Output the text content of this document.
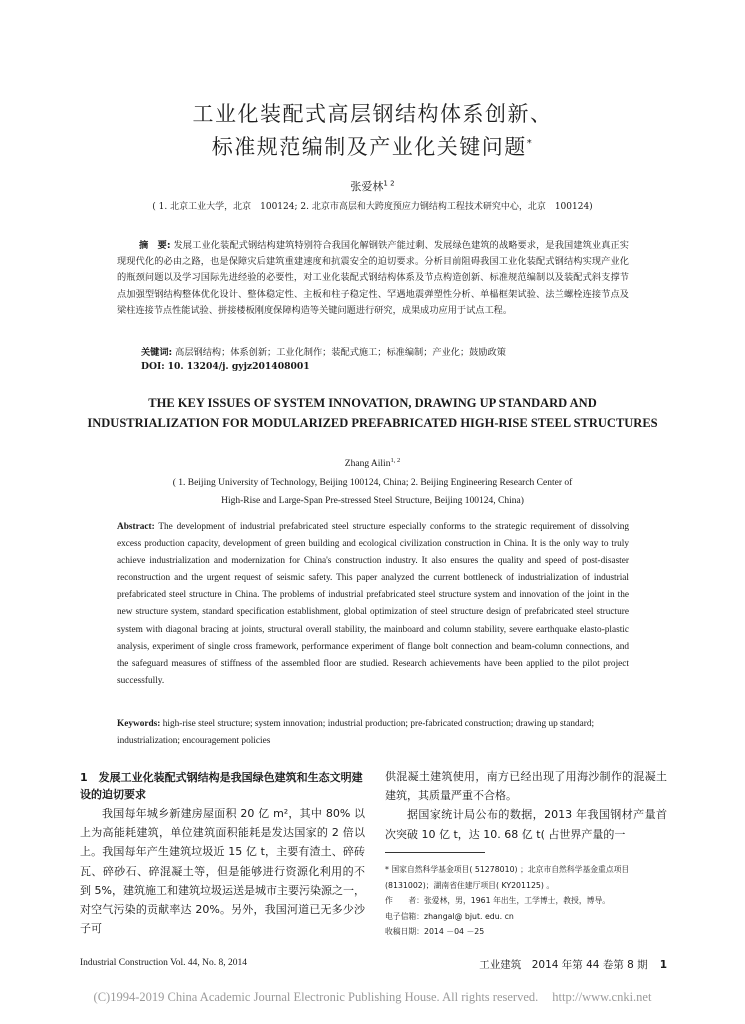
工业化装配式高层钢结构体系创新、
标准规范编制及产业化关键问题*
张爱林$^{1 2}$
( 1. 北京工业大学，北京　100124; 2. 北京市高层和大跨度预应力钢结构工程技术研究中心，北京　100124)
摘　要: 发展工业化装配式钢结构建筑特别符合我国化解钢铁产能过剩、发展绿色建筑的战略要求，是我国建筑业真正实现现代化的必由之路，也是保障灾后建筑重建速度和抗震安全的迫切要求。分析目前阻碍我国工业化装配式钢结构实现产业化的瓶颈问题以及学习国际先进经验的必要性，对工业化装配式钢结构体系及节点构造创新、标准规范编制以及装配式斜支撑节点加强型钢结构整体优化设计、整体稳定性、主板和柱子稳定性、罕遇地震弹塑性分析、单榀框架试验、法兰螺栓连接节点及梁柱连接节点性能试验、拼接楼板刚度保障构造等关键问题进行研究，成果成功应用于试点工程。
关键词: 高层钢结构；体系创新；工业化制作；装配式施工；标准编制；产业化；鼓励政策
DOI: 10. 13204/j. gyjz201408001
THE KEY ISSUES OF SYSTEM INNOVATION, DRAWING UP STANDARD AND
INDUSTRIALIZATION FOR MODULARIZED PREFABRICATED HIGH-RISE STEEL STRUCTURES
Zhang Ailin$^{1, 2}$
( 1. Beijing University of Technology, Beijing 100124, China; 2. Beijing Engineering Research Center of
High-Rise and Large-Span Pre-stressed Steel Structure, Beijing 100124, China)
Abstract: The development of industrial prefabricated steel structure especially conforms to the strategic requirement of dissolving excess production capacity, development of green building and ecological civilization construction in China. It is the only way to truly achieve industrialization and modernization for China's construction industry. It also ensures the quality and speed of post-disaster reconstruction and the urgent request of seismic safety. This paper analyzed the current bottleneck of industrialization of industrial prefabricated steel structure in China. The problems of industrial prefabricated steel structure system and innovation of the joint in the new structure system, standard specification establishment, global optimization of steel structure design of prefabricated steel structure system with diagonal bracing at joints, structural overall stability, the mainboard and column stability, severe earthquake elasto-plastic analysis, experiment of single cross framework, performance experiment of flange bolt connection and beam-column connections, and the safeguard measures of stiffness of the assembled floor are studied. Research achievements have been applied to the pilot project successfully.
Keywords: high-rise steel structure; system innovation; industrial production; pre-fabricated construction; drawing up standard; industrialization; encouragement policies
1　发展工业化装配式钢结构是我国绿色建筑和生态文明建设的迫切要求

我国每年城乡新建房屋面积 20 亿 m²，其中 80% 以上为高能耗建筑，单位建筑面积能耗是发达国家的 2 倍以上。我国每年产生建筑垃圾近 15 亿 t，主要有渣土、碎砖瓦、碎砂石、碎混凝土等，但是能够进行资源化利用的不到 5%，建筑施工和建筑垃圾运送是城市主要污染源之一，对空气污染的贡献率达 20%。另外，我国河道已无多少沙子可

供混凝土建筑使用，南方已经出现了用海沙制作的混凝土建筑，其质量严重不合格。

据国家统计局公布的数据，2013 年我国钢材产量首次突破 10 亿 t，达 10. 68 亿 t( 占世界产量的一

* 国家自然科学基金项目( 51278010) ；北京市自然科学基金重点项目(8131002)；湖南省住建厅项目( KY201125) 。

作　　者：张爱林，男，1961 年出生，工学博士，教授，博导。

电子信箱：zhangal@ bjut. edu. cn

收稿日期：2014 －04 －25

Industrial Construction Vol. 44, No. 8, 2014	工业建筑　2014 年第 44 卷第 8 期 1
(C)1994-2019 China Academic Journal Electronic Publishing House. All rights reserved. http://www.cnki.net
